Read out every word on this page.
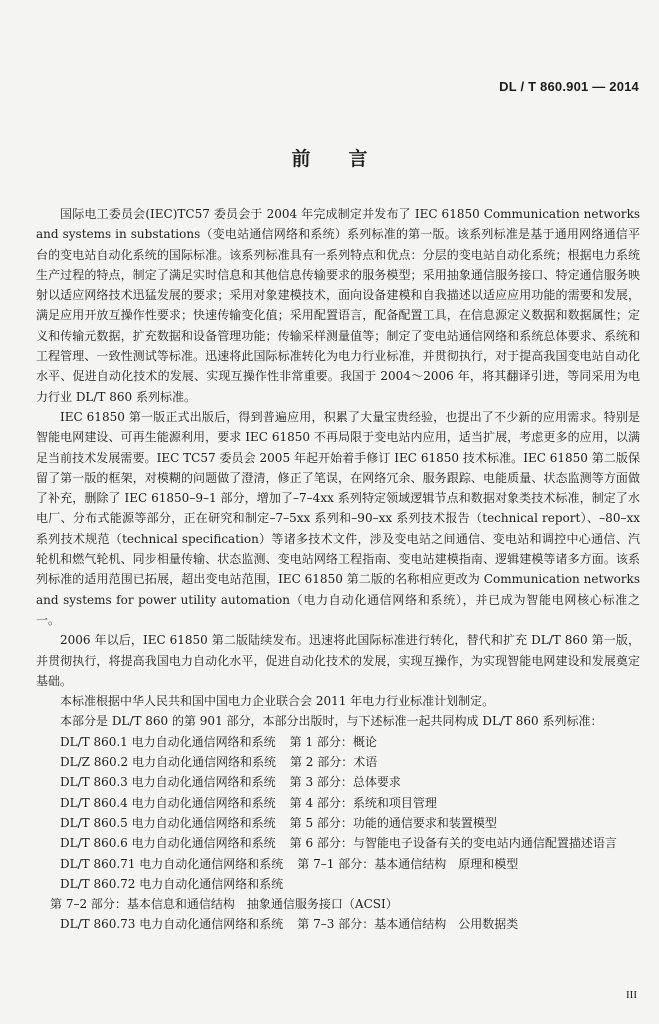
DL / T 860.901 — 2014
前　　言

国际电工委员会(IEC)TC57 委员会于 2004 年完成制定并发布了 IEC 61850 Communication networks and systems in substations（变电站通信网络和系统）系列标准的第一版。该系列标准是基于通用网络通信平台的变电站自动化系统的国际标准。该系列标准具有一系列特点和优点：分层的变电站自动化系统；根据电力系统生产过程的特点，制定了满足实时信息和其他信息传输要求的服务模型；采用抽象通信服务接口、特定通信服务映射以适应网络技术迅猛发展的要求；采用对象建模技术，面向设备建模和自我描述以适应应用功能的需要和发展，满足应用开放互操作性要求；快速传输变化值；采用配置语言，配备配置工具，在信息源定义数据和数据属性；定义和传输元数据，扩充数据和设备管理功能；传输采样测量值等；制定了变电站通信网络和系统总体要求、系统和工程管理、一致性测试等标准。迅速将此国际标准转化为电力行业标准，并贯彻执行，对于提高我国变电站自动化水平、促进自动化技术的发展、实现互操作性非常重要。我国于 2004～2006 年，将其翻译引进，等同采用为电力行业 DL/T 860 系列标准。

IEC 61850 第一版正式出版后，得到普遍应用，积累了大量宝贵经验，也提出了不少新的应用需求。特别是智能电网建设、可再生能源利用，要求 IEC 61850 不再局限于变电站内应用，适当扩展，考虑更多的应用，以满足当前技术发展需要。IEC TC57 委员会 2005 年起开始着手修订 IEC 61850 技术标准。IEC 61850 第二版保留了第一版的框架，对模糊的问题做了澄清，修正了笔误，在网络冗余、服务跟踪、电能质量、状态监测等方面做了补充，删除了 IEC 61850–9–1 部分，增加了–7–4xx 系列特定领域逻辑节点和数据对象类技术标准，制定了水电厂、分布式能源等部分，正在研究和制定–7–5xx 系列和–90–xx 系列技术报告（technical report）、–80–xx 系列技术规范（technical specification）等诸多技术文件，涉及变电站之间通信、变电站和调控中心通信、汽轮机和燃气轮机、同步相量传输、状态监测、变电站网络工程指南、变电站建模指南、逻辑建模等诸多方面。该系列标准的适用范围已拓展，超出变电站范围，IEC 61850 第二版的名称相应更改为 Communication networks and systems for power utility automation（电力自动化通信网络和系统），并已成为智能电网核心标准之一。

2006 年以后，IEC 61850 第二版陆续发布。迅速将此国际标准进行转化，替代和扩充 DL/T 860 第一版，并贯彻执行，将提高我国电力自动化水平，促进自动化技术的发展，实现互操作，为实现智能电网建设和发展奠定基础。

本标准根据中华人民共和国中国电力企业联合会 2011 年电力行业标准计划制定。

本部分是 DL/T 860 的第 901 部分，本部分出版时，与下述标准一起共同构成 DL/T 860 系列标准：

DL/T 860.1 电力自动化通信网络和系统 第 1 部分：概论
DL/Z 860.2 电力自动化通信网络和系统 第 2 部分：术语
DL/T 860.3 电力自动化通信网络和系统 第 3 部分：总体要求
DL/T 860.4 电力自动化通信网络和系统 第 4 部分：系统和项目管理
DL/T 860.5 电力自动化通信网络和系统 第 5 部分：功能的通信要求和装置模型
DL/T 860.6 电力自动化通信网络和系统 第 6 部分：与智能电子设备有关的变电站内通信配置描述语言
DL/T 860.71 电力自动化通信网络和系统 第 7–1 部分：基本通信结构　原理和模型
DL/T 860.72 电力自动化通信网络和系统第 7–2 部分：基本信息和通信结构　抽象通信服务接口（ACSI）
DL/T 860.73 电力自动化通信网络和系统 第 7–3 部分：基本通信结构　公用数据类
III
